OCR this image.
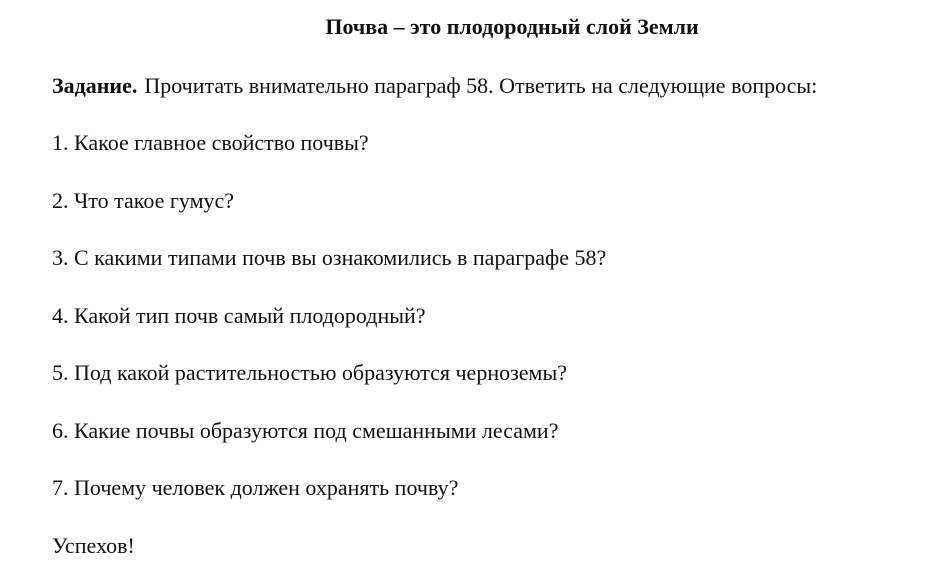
Почва – это плодородный слой Земли
Задание. Прочитать внимательно параграф 58. Ответить на следующие вопросы:
1. Какое главное свойство почвы?
2. Что такое гумус?
3. С какими типами почв вы ознакомились в параграфе 58?
4. Какой тип почв самый плодородный?
5. Под какой растительностью образуются черноземы?
6. Какие почвы образуются под смешанными лесами?
7. Почему человек должен охранять почву?
Успехов!
